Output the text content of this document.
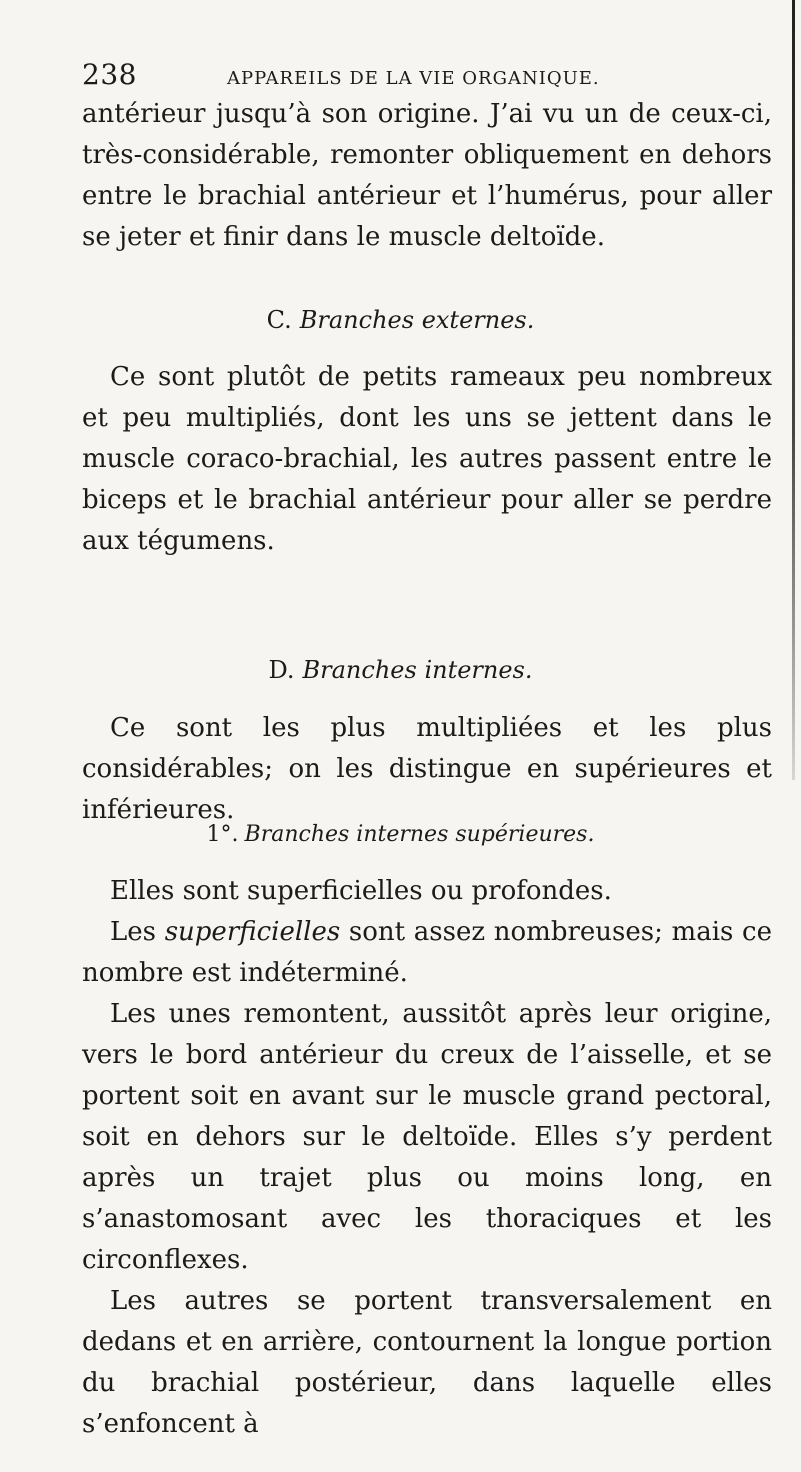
238	APPAREILS DE LA VIE ORGANIQUE.

antérieur jusqu’à son origine. J’ai vu un de ceux-ci, très-considérable, remonter obliquement en dehors entre le brachial antérieur et l’humérus, pour aller se jeter et finir dans le muscle deltoïde.

C. Branches externes.

Ce sont plutôt de petits rameaux peu nombreux et peu multipliés, dont les uns se jettent dans le muscle coraco-brachial, les autres passent entre le biceps et le brachial antérieur pour aller se perdre aux tégumens.

D. Branches internes.

Ce sont les plus multipliées et les plus considérables; on les distingue en supérieures et inférieures.

1°. Branches internes supérieures.

Elles sont superficielles ou profondes.

Les superficielles sont assez nombreuses; mais ce nombre est indéterminé.

Les unes remontent, aussitôt après leur origine, vers le bord antérieur du creux de l’aisselle, et se portent soit en avant sur le muscle grand pectoral, soit en dehors sur le deltoïde. Elles s’y perdent après un trajet plus ou moins long, en s’anastomosant avec les thoraciques et les circonflexes.

Les autres se portent transversalement en dedans et en arrière, contournent la longue portion du brachial postérieur, dans laquelle elles s’enfoncent à
